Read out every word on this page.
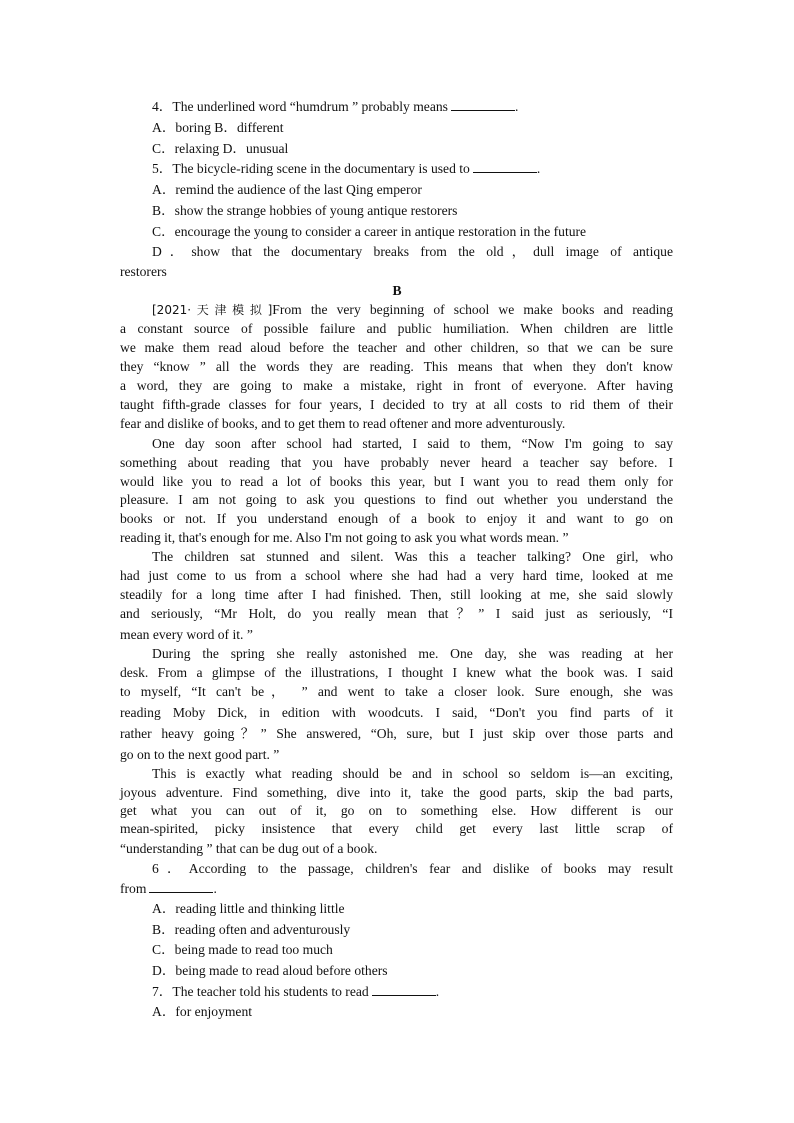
4．The underlined word “humdrum ” probably means	.
A．boring B．different
C．relaxing D．unusual
5．The bicycle-riding scene in the documentary is used to	.
A．remind the audience of the last Qing emperor
B．show the strange hobbies of young antique restorers
C．encourage the young to consider a career in antique restoration in the future
D．show that the documentary breaks from the old，dull image of antique
restorers
B
[2021·天津模拟]From the very beginning of school we make books and reading
a constant source of possible failure and public humiliation. When children are little
we make them read aloud before the teacher and other children, so that we can be sure
they “know ” all the words they are reading. This means that when they don't know
a word, they are going to make a mistake, right in front of everyone. After having
taught fifth-grade classes for four years, I decided to try at all costs to rid them of their
fear and dislike of books, and to get them to read oftener and more adventurously.
One day soon after school had started, I said to them, “Now I'm going to say
something about reading that you have probably never heard a teacher say before. I
would like you to read a lot of books this year, but I want you to read them only for
pleasure. I am not going to ask you questions to find out whether you understand the
books or not. If you understand enough of a book to enjoy it and want to go on
reading it, that's enough for me. Also I'm not going to ask you what words mean. ”
The children sat stunned and silent. Was this a teacher talking? One girl, who
had just come to us from a school where she had had a very hard time, looked at me
steadily for a long time after I had finished. Then, still looking at me, she said slowly
and seriously, “Mr Holt, do you really mean that？” I said just as seriously, “I
mean every word of it. ”
During the spring she really astonished me. One day, she was reading at her
desk. From a glimpse of the illustrations, I thought I knew what the book was. I said
to myself, “It can't be， ” and went to take a closer look. Sure enough, she was
reading Moby Dick, in edition with woodcuts. I said, “Don't you find parts of it
rather heavy going？” She answered, “Oh, sure, but I just skip over those parts and
go on to the next good part. ”
This is exactly what reading should be and in school so seldom is—an exciting,
joyous adventure. Find something, dive into it, take the good parts, skip the bad parts,
get what you can out of it, go on to something else. How different is our
mean-spirited, picky insistence that every child get every last little scrap of
“understanding ” that can be dug out of a book.
6．According to the passage, children's fear and dislike of books may result
from	.
A．reading little and thinking little
B．reading often and adventurously
C．being made to read too much
D．being made to read aloud before others
7．The teacher told his students to read	.
A．for enjoyment
